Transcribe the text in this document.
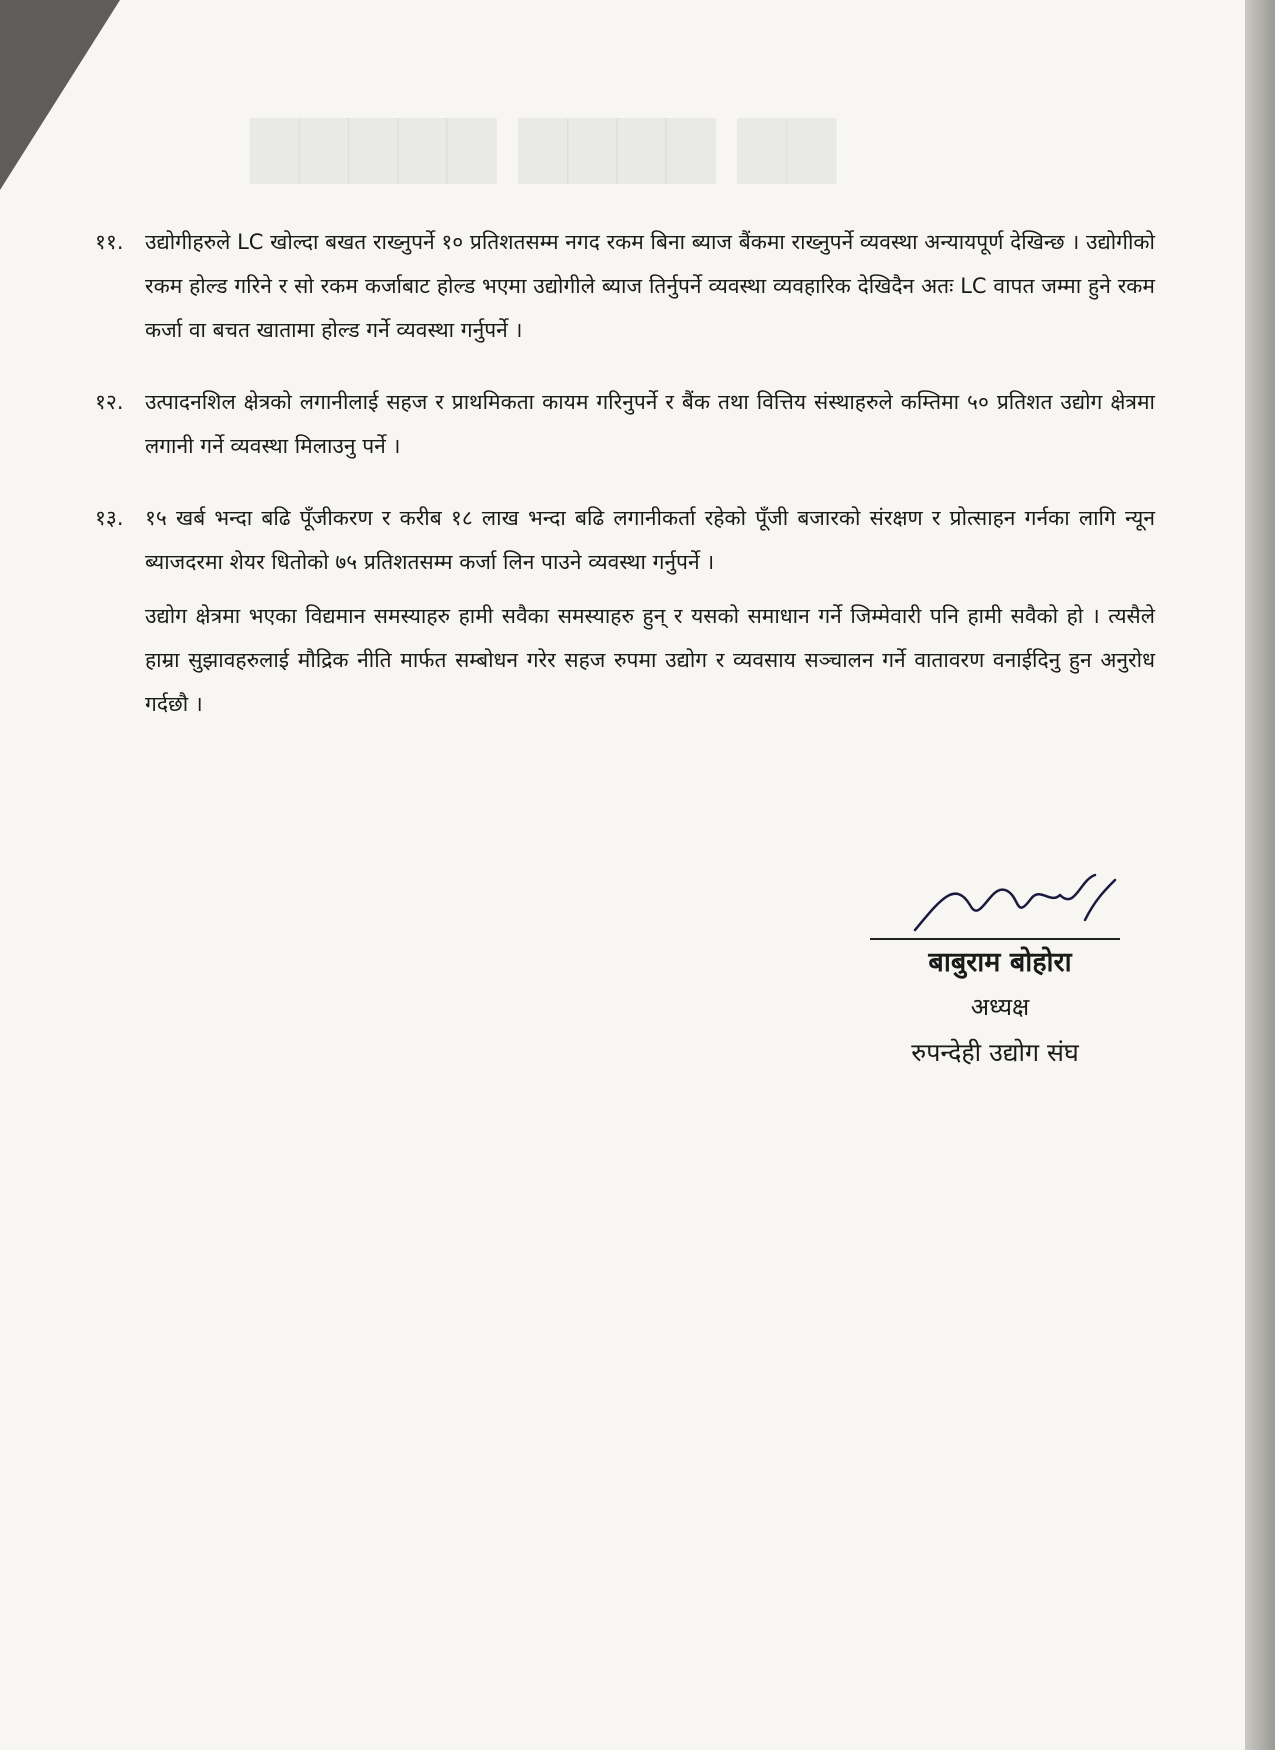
▇▇▇▇▇ ▇▇▇▇ ▇▇

११. उद्योगीहरुले LC खोल्दा बखत राख्नुपर्ने १० प्रतिशतसम्म नगद रकम बिना ब्याज बैंकमा राख्नुपर्ने व्यवस्था अन्यायपूर्ण देखिन्छ । उद्योगीको रकम होल्ड गरिने र सो रकम कर्जाबाट होल्ड भएमा उद्योगीले ब्याज तिर्नुपर्ने व्यवस्था व्यवहारिक देखिदैन अतः LC वापत जम्मा हुने रकम कर्जा वा बचत खातामा होल्ड गर्ने व्यवस्था गर्नुपर्ने ।

१२. उत्पादनशिल क्षेत्रको लगानीलाई सहज र प्राथमिकता कायम गरिनुपर्ने र बैंक तथा वित्तिय संस्थाहरुले कम्तिमा ५० प्रतिशत उद्योग क्षेत्रमा लगानी गर्ने व्यवस्था मिलाउनु पर्ने ।

१३. १५ खर्ब भन्दा बढि पूँजीकरण र करीब १८ लाख भन्दा बढि लगानीकर्ता रहेको पूँजी बजारको संरक्षण र प्रोत्साहन गर्नका लागि न्यून ब्याजदरमा शेयर धितोको ७५ प्रतिशतसम्म कर्जा लिन पाउने व्यवस्था गर्नुपर्ने ।

उद्योग क्षेत्रमा भएका विद्यमान समस्याहरु हामी सवैका समस्याहरु हुन् र यसको समाधान गर्ने जिम्मेवारी पनि हामी सवैको हो । त्यसैले हाम्रा सुझावहरुलाई मौद्रिक नीति मार्फत सम्बोधन गरेर सहज रुपमा उद्योग र व्यवसाय सञ्चालन गर्ने वातावरण वनाईदिनु हुन अनुरोध गर्दछौ ।

बाबुराम बोहोरा
अध्यक्ष
रुपन्देही उद्योग संघ
